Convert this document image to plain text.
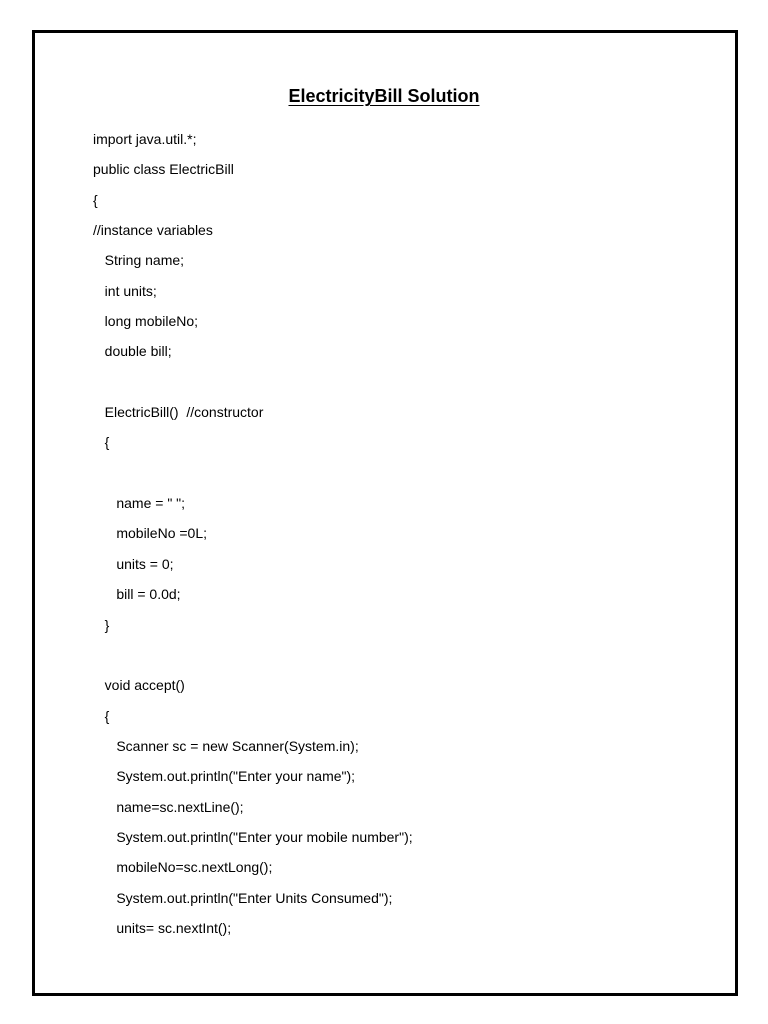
ElectricityBill Solution
import java.util.*;
public class ElectricBill
{
//instance variables
String name;
int units;
long mobileNo;
double bill;
ElectricBill()  //constructor
{
name = " ";
mobileNo =0L;
units = 0;
bill = 0.0d;
}
void accept()
{
Scanner sc = new Scanner(System.in);
System.out.println("Enter your name");
name=sc.nextLine();
System.out.println("Enter your mobile number");
mobileNo=sc.nextLong();
System.out.println("Enter Units Consumed");
units= sc.nextInt();
